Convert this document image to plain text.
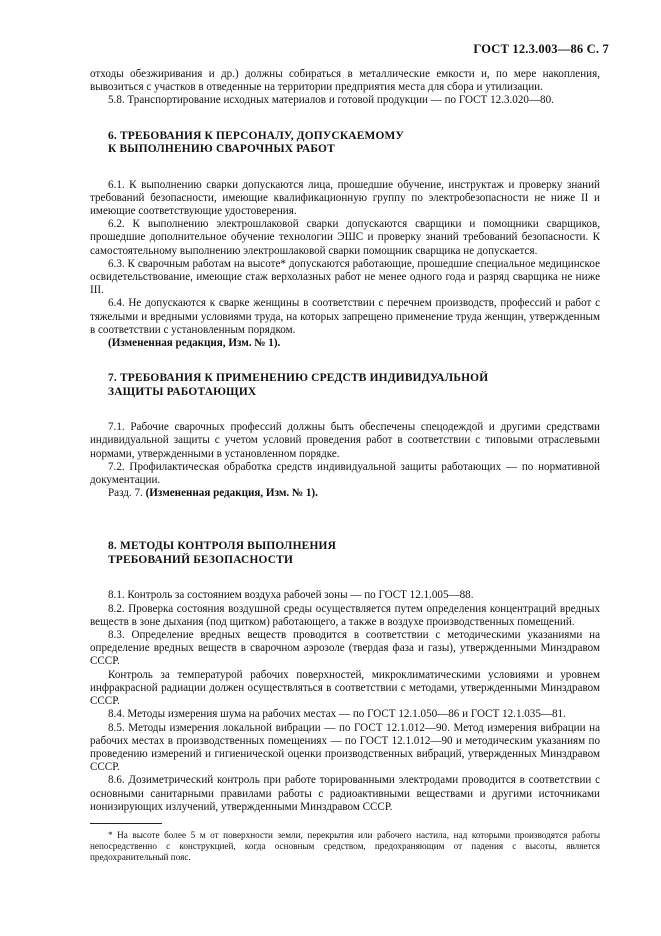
ГОСТ 12.3.003—86 С. 7

отходы обезжиривания и др.) должны собираться в металлические емкости и, по мере накопления, вывозиться с участков в отведенные на территории предприятия места для сбора и утилизации.

5.8. Транспортирование исходных материалов и готовой продукции — по ГОСТ 12.3.020—80.

6. ТРЕБОВАНИЯ К ПЕРСОНАЛУ, ДОПУСКАЕМОМУ

К ВЫПОЛНЕНИЮ СВАРОЧНЫХ РАБОТ

6.1. К выполнению сварки допускаются лица, прошедшие обучение, инструктаж и проверку знаний требований безопасности, имеющие квалификационную группу по электробезопасности не ниже II и имеющие соответствующие удостоверения.

6.2. К выполнению электрошлаковой сварки допускаются сварщики и помощники сварщиков, прошедшие дополнительное обучение технологии ЭШС и проверку знаний требований безопасности. К самостоятельному выполнению электрошлаковой сварки помощник сварщика не допускается.

6.3. К сварочным работам на высоте* допускаются работающие, прошедшие специальное медицинское освидетельствование, имеющие стаж верхолазных работ не менее одного года и разряд сварщика не ниже III.

6.4. Не допускаются к сварке женщины в соответствии с перечнем производств, профессий и работ с тяжелыми и вредными условиями труда, на которых запрещено применение труда женщин, утвержденным в соответствии с установленным порядком.

(Измененная редакция, Изм. № 1).

7. ТРЕБОВАНИЯ К ПРИМЕНЕНИЮ СРЕДСТВ ИНДИВИДУАЛЬНОЙ

ЗАЩИТЫ РАБОТАЮЩИХ

7.1. Рабочие сварочных профессий должны быть обеспечены спецодеждой и другими средствами индивидуальной защиты с учетом условий проведения работ в соответствии с типовыми отраслевыми нормами, утвержденными в установленном порядке.

7.2. Профилактическая обработка средств индивидуальной защиты работающих — по нормативной документации.

Разд. 7. (Измененная редакция, Изм. № 1).

8. МЕТОДЫ КОНТРОЛЯ ВЫПОЛНЕНИЯ

ТРЕБОВАНИЙ БЕЗОПАСНОСТИ

8.1. Контроль за состоянием воздуха рабочей зоны — по ГОСТ 12.1.005—88.

8.2. Проверка состояния воздушной среды осуществляется путем определения концентраций вредных веществ в зоне дыхания (под щитком) работающего, а также в воздухе производственных помещений.

8.3. Определение вредных веществ проводится в соответствии с методическими указаниями на определение вредных веществ в сварочном аэрозоле (твердая фаза и газы), утвержденными Минздравом СССР.

Контроль за температурой рабочих поверхностей, микроклиматическими условиями и уровнем инфракрасной радиации должен осуществляться в соответствии с методами, утвержденными Минздравом СССР.

8.4. Методы измерения шума на рабочих местах — по ГОСТ 12.1.050—86 и ГОСТ 12.1.035—81.

8.5. Методы измерения локальной вибрации — по ГОСТ 12.1.012—90. Метод измерения вибрации на рабочих местах в производственных помещениях — по ГОСТ 12.1.012—90 и методическим указаниям по проведению измерений и гигиенической оценки производственных вибраций, утвержденных Минздравом СССР.

8.6. Дозиметрический контроль при работе торированными электродами проводится в соответствии с основными санитарными правилами работы с радиоактивными веществами и другими источниками ионизирующих излучений, утвержденными Минздравом СССР.

* На высоте более 5 м от поверхности земли, перекрытия или рабочего настила, над которыми производятся работы непосредственно с конструкцией, когда основным средством, предохраняющим от падения с высоты, является предохранительный пояс.
